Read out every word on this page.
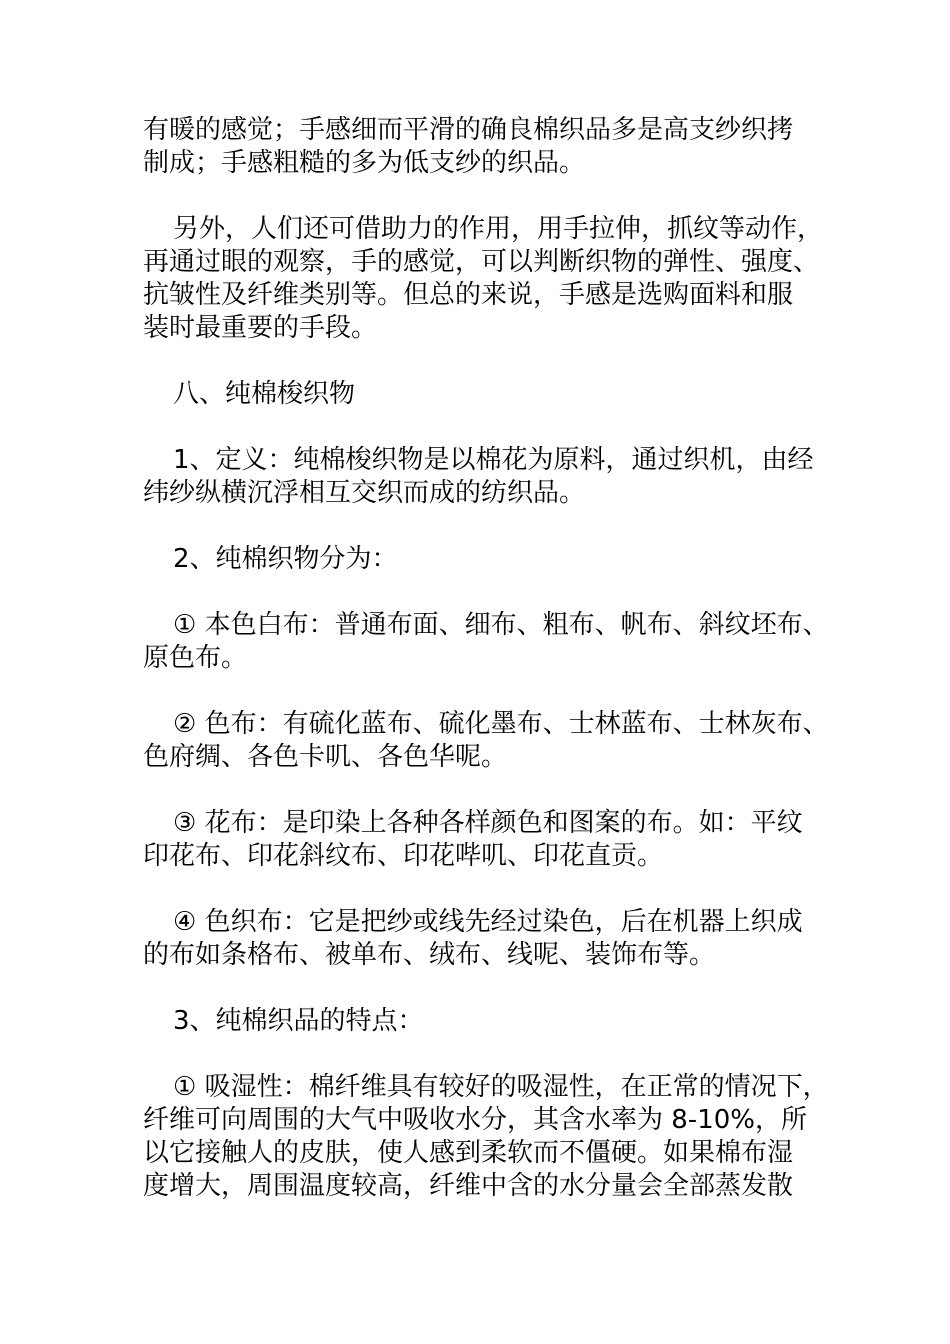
有暖的感觉；手感细而平滑的确良棉织品多是高支纱织拷
制成；手感粗糙的多为低支纱的织品。
另外，人们还可借助力的作用，用手拉伸，抓纹等动作，
再通过眼的观察，手的感觉，可以判断织物的弹性、强度、
抗皱性及纤维类别等。但总的来说，手感是选购面料和服
装时最重要的手段。
八、纯棉梭织物
1、定义：纯棉梭织物是以棉花为原料，通过织机，由经
纬纱纵横沉浮相互交织而成的纺织品。
2、纯棉织物分为：
① 本色白布：普通布面、细布、粗布、帆布、斜纹坯布、
原色布。
② 色布：有硫化蓝布、硫化墨布、士林蓝布、士林灰布、
色府绸、各色卡叽、各色华呢。
③ 花布：是印染上各种各样颜色和图案的布。如：平纹
印花布、印花斜纹布、印花哔叽、印花直贡。
④ 色织布：它是把纱或线先经过染色，后在机器上织成
的布如条格布、被单布、绒布、线呢、装饰布等。
3、纯棉织品的特点：
① 吸湿性：棉纤维具有较好的吸湿性，在正常的情况下，
纤维可向周围的大气中吸收水分，其含水率为 8-10%，所
以它接触人的皮肤，使人感到柔软而不僵硬。如果棉布湿
度增大，周围温度较高，纤维中含的水分量会全部蒸发散
